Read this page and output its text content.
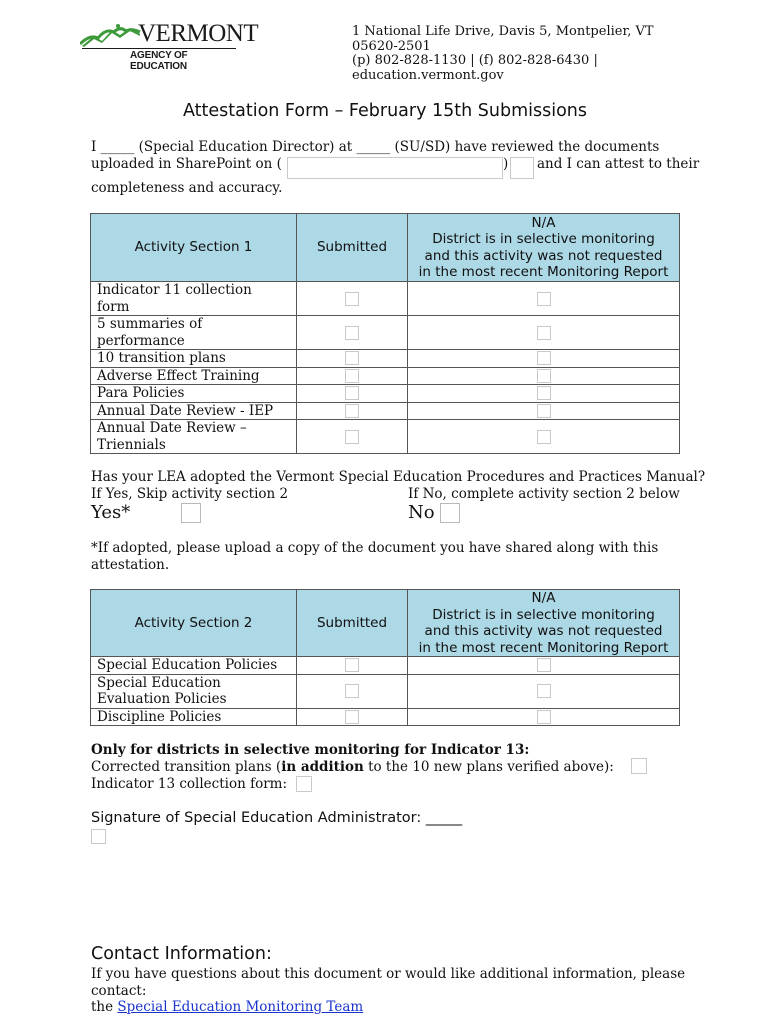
VERMONT
AGENCY OF EDUCATION
1 National Life Drive, Davis 5, Montpelier, VT
05620-2501
(p) 802-828-1130 | (f) 802-828-6430 |
education.vermont.gov
Attestation Form – February 15th Submissions
I _____ (Special Education Director) at _____ (SU/SD) have reviewed the documents
uploaded in SharePoint on (	) and I can attest to their
completeness and accuracy.
Activity Section 1	Submitted	N/A
District is in selective monitoring
and this activity was not requested
in the most recent Monitoring Report

Indicator 11 collection
form		

5 summaries of
performance		

10 transition plans	

Adverse Effect Training	

Para Policies	

Annual Date Review - IEP	

Annual Date Review –
Triennials		

Has your LEA adopted the Vermont Special Education Procedures and Practices Manual?
If Yes, Skip activity section 2	If No, complete activity section 2 below
Yes*	No
*If adopted, please upload a copy of the document you have shared along with this
attestation.
Activity Section 2	Submitted	N/A
District is in selective monitoring
and this activity was not requested
in the most recent Monitoring Report

Special Education Policies	

Special Education
Evaluation Policies		

Discipline Policies	

Only for districts in selective monitoring for Indicator 13:
Corrected transition plans (in addition to the 10 new plans verified above):
Indicator 13 collection form:
Signature of Special Education Administrator: _____
Contact Information:
If you have questions about this document or would like additional information, please
contact:
the Special Education Monitoring Team
